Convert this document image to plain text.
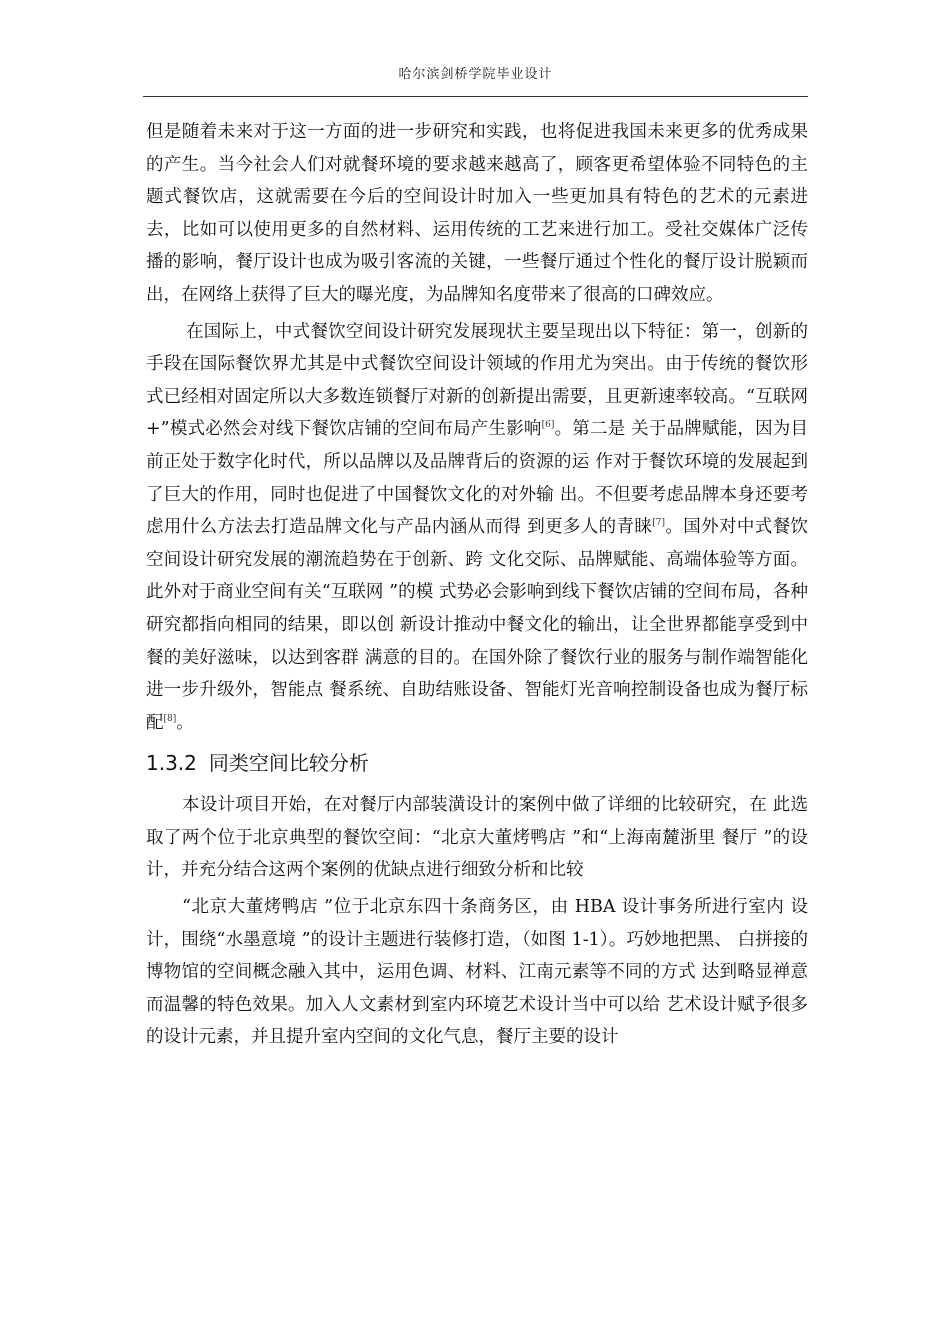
哈尔滨剑桥学院毕业设计

但是随着未来对于这一方面的进一步研究和实践，也将促进我国未来更多的优秀成果的产生。当今社会人们对就餐环境的要求越来越高了，顾客更希望体验不同特色的主题式餐饮店，这就需要在今后的空间设计时加入一些更加具有特色的艺术的元素进去，比如可以使用更多的自然材料、运用传统的工艺来进行加工。受社交媒体广泛传播的影响，餐厅设计也成为吸引客流的关键，一些餐厅通过个性化的餐厅设计脱颖而出，在网络上获得了巨大的曝光度，为品牌知名度带来了很高的口碑效应。

在国际上，中式餐饮空间设计研究发展现状主要呈现出以下特征：第一，创新的手段在国际餐饮界尤其是中式餐饮空间设计领域的作用尤为突出。由于传统的餐饮形式已经相对固定所以大多数连锁餐厅对新的创新提出需要，且更新速率较高。“互联网+”模式必然会对线下餐饮店铺的空间布局产生影响[6]。第二是 关于品牌赋能，因为目前正处于数字化时代，所以品牌以及品牌背后的资源的运 作对于餐饮环境的发展起到了巨大的作用，同时也促进了中国餐饮文化的对外输 出。不但要考虑品牌本身还要考虑用什么方法去打造品牌文化与产品内涵从而得 到更多人的青睐[7]。国外对中式餐饮空间设计研究发展的潮流趋势在于创新、跨 文化交际、品牌赋能、高端体验等方面。 此外对于商业空间有关“互联网 ”的模 式势必会影响到线下餐饮店铺的空间布局，各种研究都指向相同的结果，即以创 新设计推动中餐文化的输出，让全世界都能享受到中餐的美好滋味，以达到客群 满意的目的。在国外除了餐饮行业的服务与制作端智能化进一步升级外，智能点 餐系统、自助结账设备、智能灯光音响控制设备也成为餐厅标配[8]。

1.3.2 同类空间比较分析

本设计项目开始，在对餐厅内部装潢设计的案例中做了详细的比较研究，在 此选取了两个位于北京典型的餐饮空间：“北京大董烤鸭店 ”和“上海南麓浙里 餐厅 ”的设计，并充分结合这两个案例的优缺点进行细致分析和比较

“北京大董烤鸭店 ”位于北京东四十条商务区，由 HBA 设计事务所进行室内 设计，围绕“水墨意境 ”的设计主题进行装修打造，（如图 1-1）。巧妙地把黑、 白拼接的博物馆的空间概念融入其中，运用色调、材料、江南元素等不同的方式 达到略显禅意而温馨的特色效果。加入人文素材到室内环境艺术设计当中可以给 艺术设计赋予很多的设计元素，并且提升室内空间的文化气息，餐厅主要的设计
